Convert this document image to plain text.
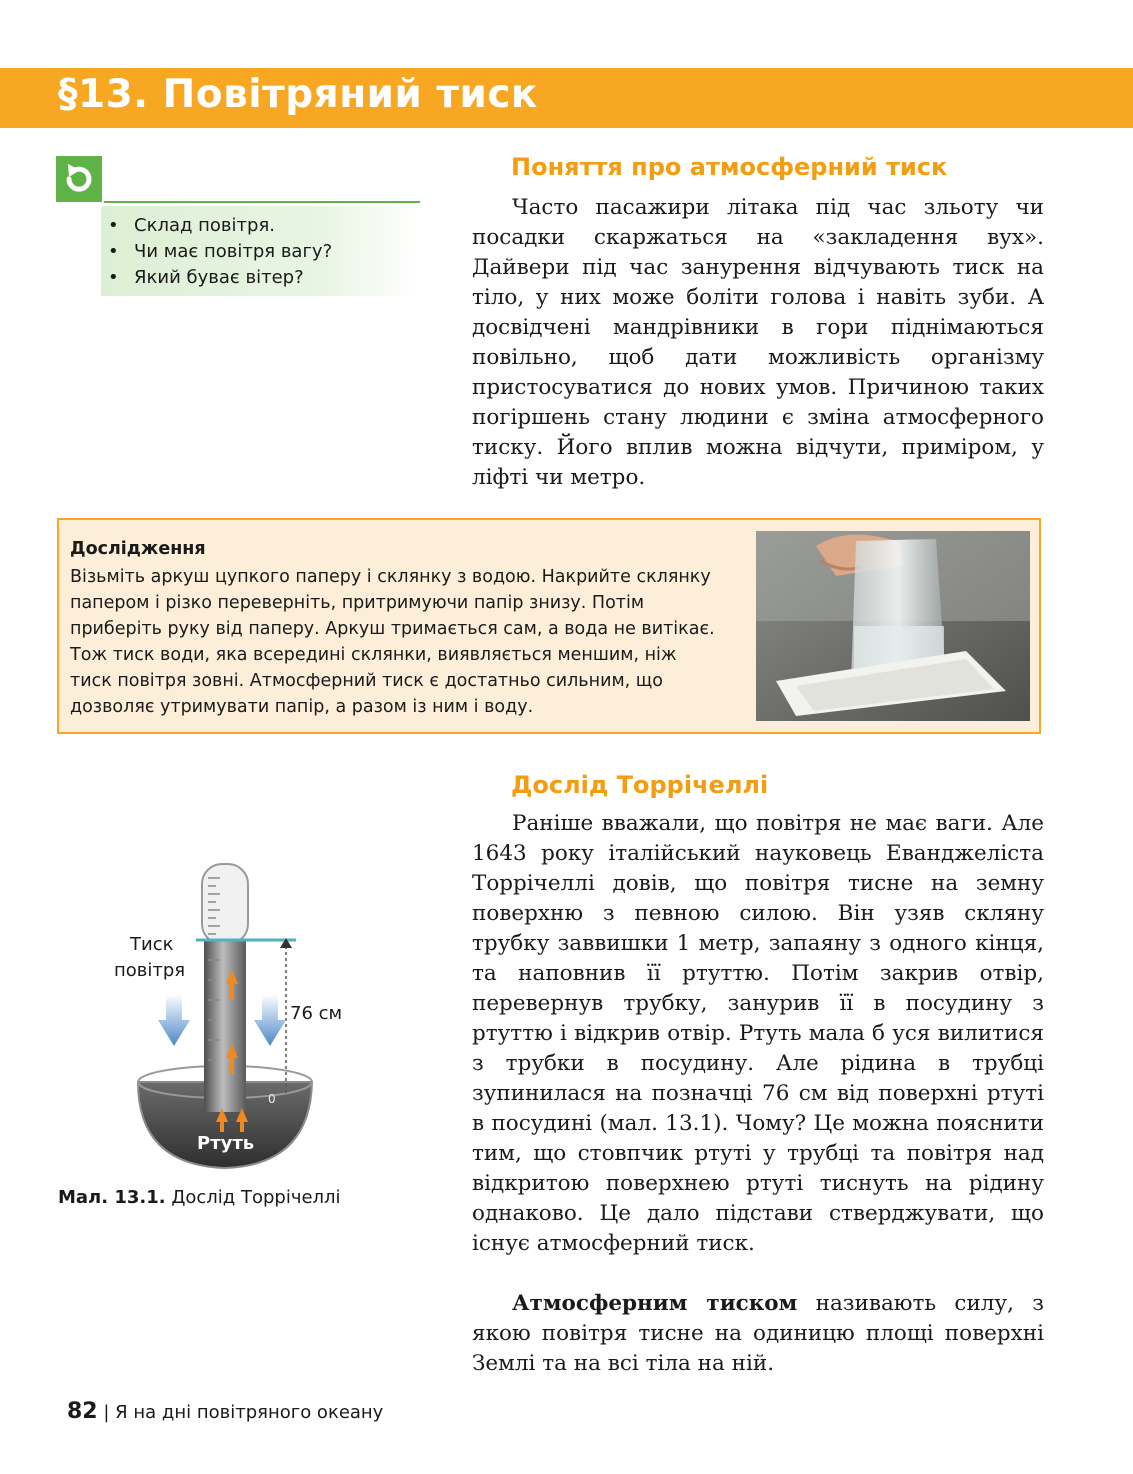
§13. Повітряний тиск
• Склад повітря.
• Чи має повітря вагу?
• Який буває вітер?
Поняття про атмосферний тиск

Часто пасажири літака під час зльоту чи посадки скаржаться на «закладення вух». Дайвери під час занурення відчувають тиск на тіло, у них може боліти голова і навіть зуби. А досвідчені мандрівники в гори піднімаються повільно, щоб дати можливість організму пристосуватися до нових умов. Причиною таких погіршень стану людини є зміна атмосферного тиску. Його вплив можна відчути, приміром, у ліфті чи метро.

Дослідження

Візьміть аркуш цупкого паперу і склянку з водою. Накрийте склянку папером і різко переверніть, притримуючи папір знизу. Потім приберіть руку від паперу. Аркуш тримається сам, а вода не витікає. Тож тиск води, яка всередині склянки, виявляється меншим, ніж тиск повітря зовні. Атмосферний тиск є достатньо сильним, що дозволяє утримувати папір, а разом із ним і воду.

Тиск
повітря
76 см
0
Ртуть
Мал. 13.1. Дослід Торрічеллі
Дослід Торрічеллі

Раніше вважали, що повітря не має ваги. Але 1643 року італійський науковець Еванджеліста Торрічеллі довів, що повітря тисне на земну поверхню з певною силою. Він узяв скляну трубку заввишки 1 метр, запаяну з одного кінця, та наповнив її ртуттю. Потім закрив отвір, перевернув трубку, занурив її в посудину з ртуттю і відкрив отвір. Ртуть мала б уся вилитися з трубки в посудину. Але рідина в трубці зупинилася на позначці 76 см від поверхні ртуті в посудині (мал. 13.1). Чому? Це можна пояснити тим, що стовпчик ртуті у трубці та повітря над відкритою поверхнею ртуті тиснуть на рідину однаково. Це дало підстави стверджувати, що існує атмосферний тиск.

Атмосферним тиском називають силу, з якою повітря тисне на одиницю площі поверхні Землі та на всі тіла на ній.

82 | Я на дні повітряного океану
